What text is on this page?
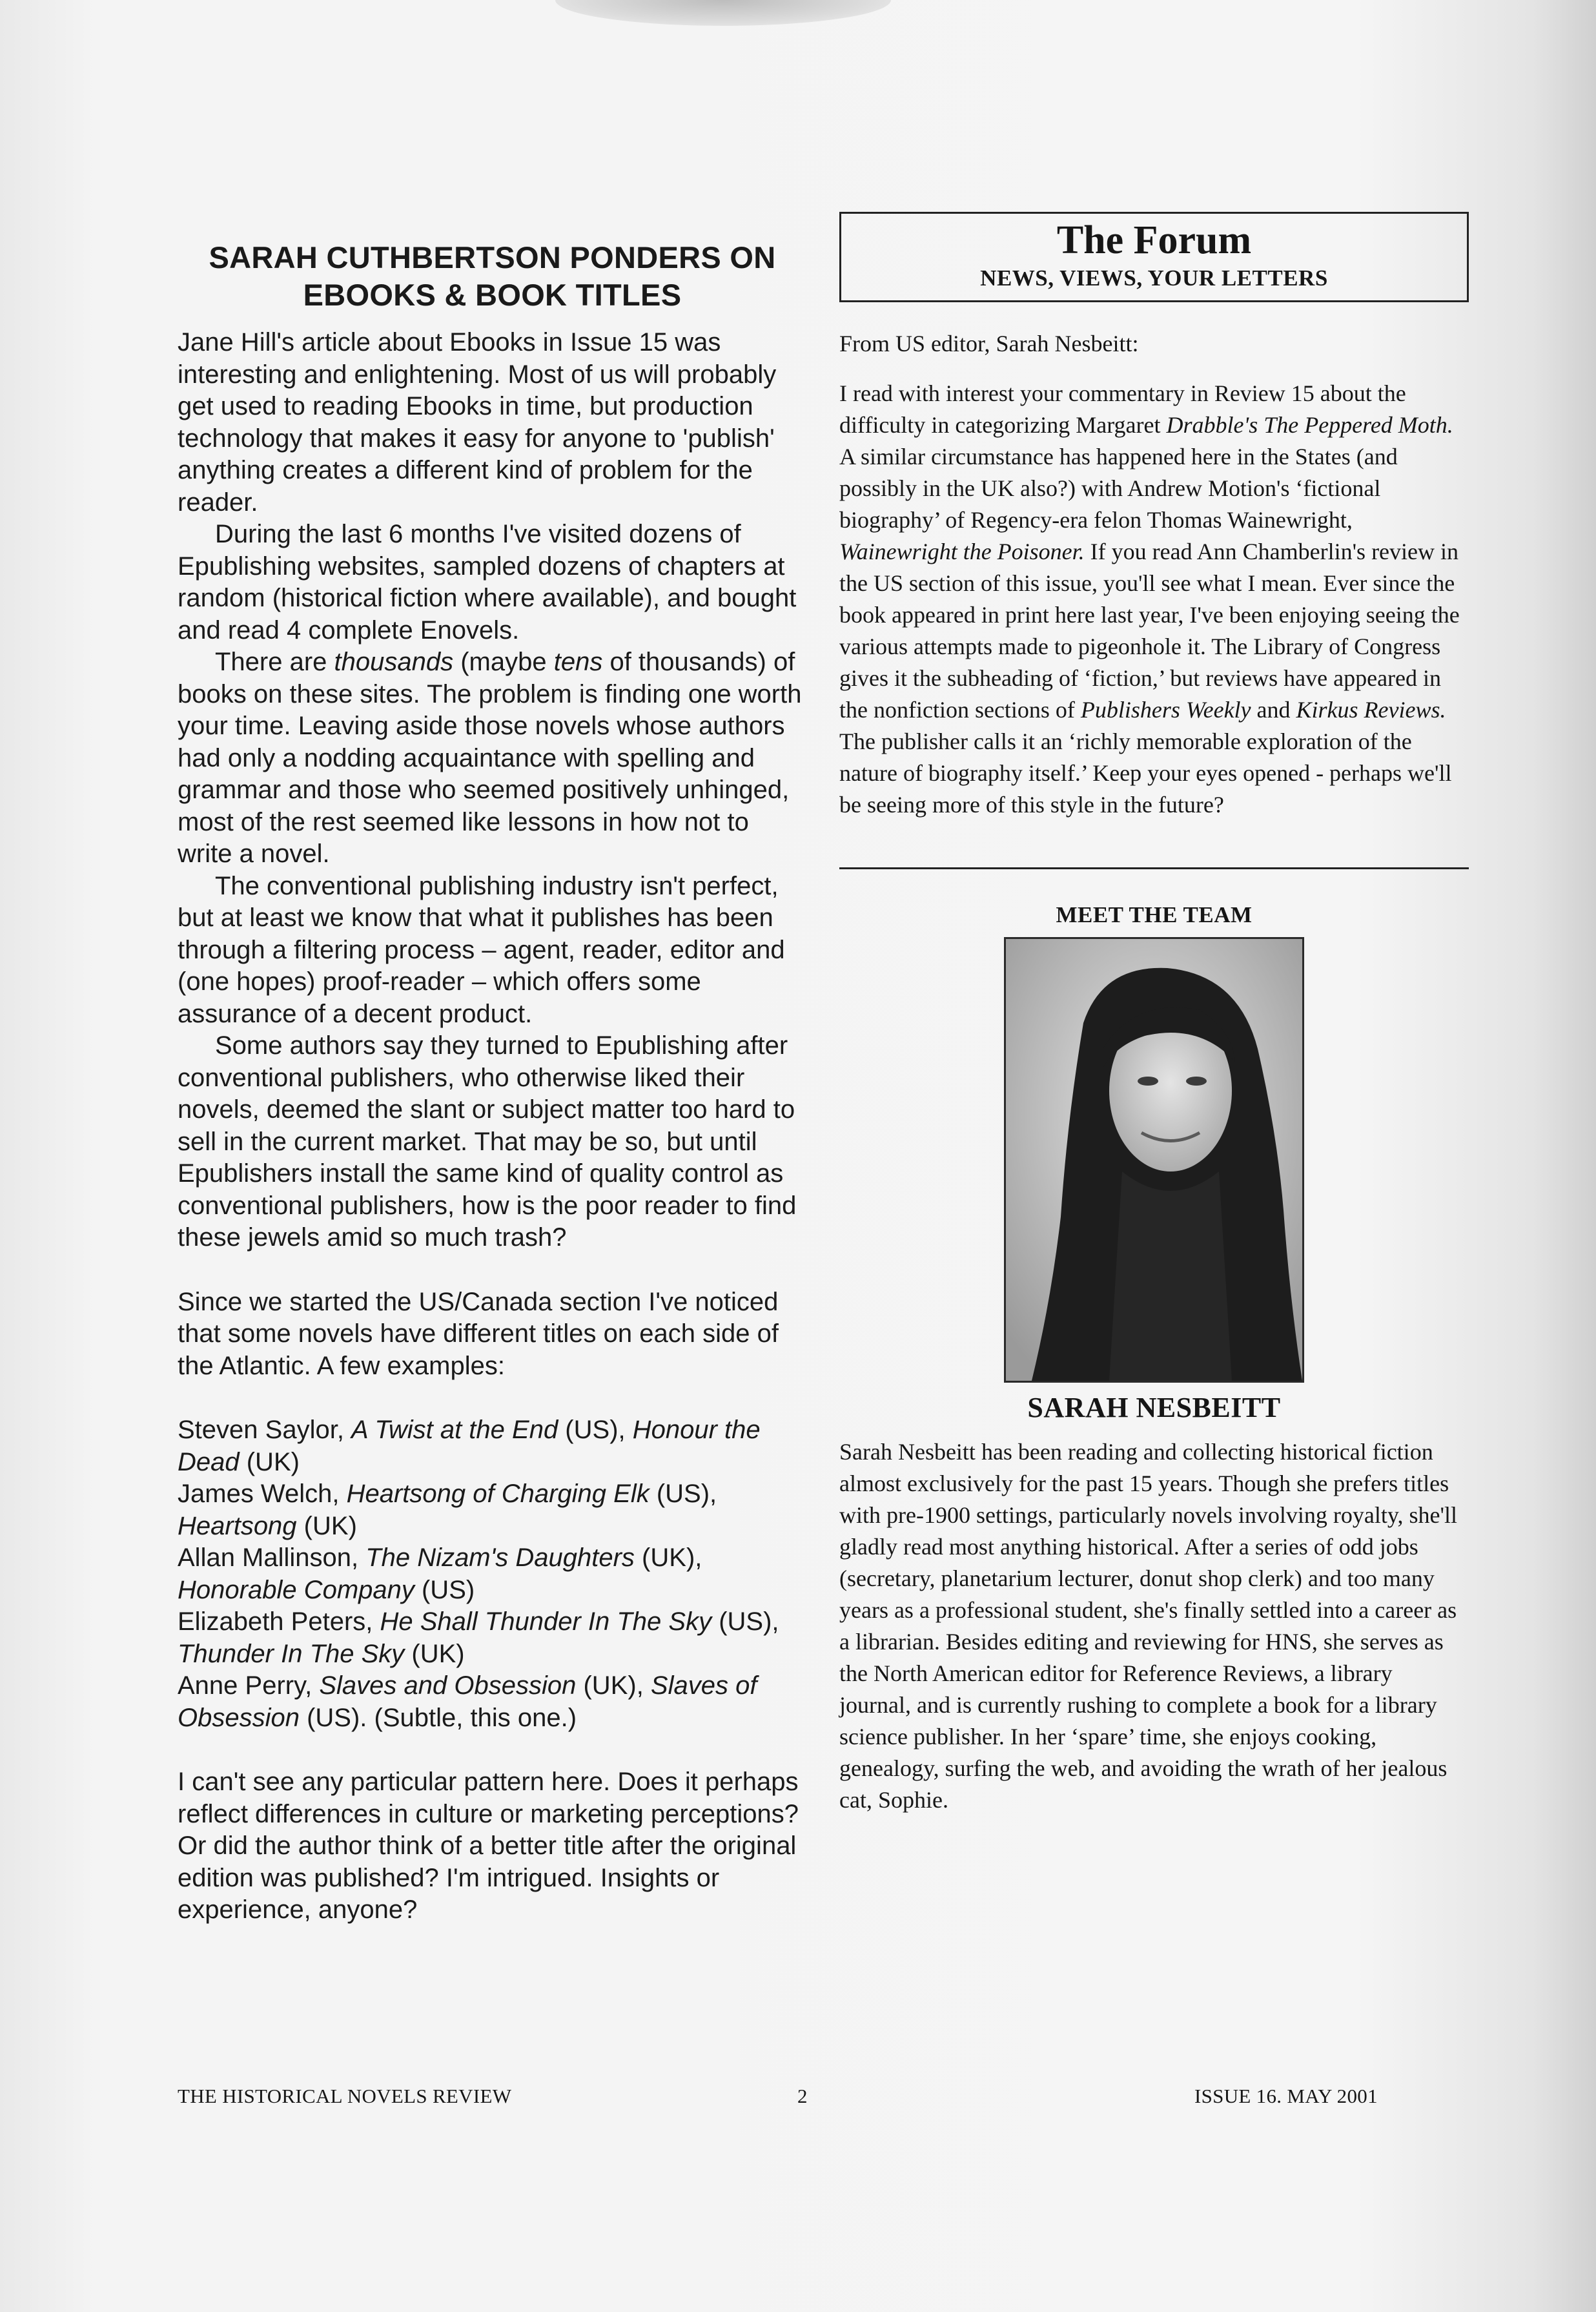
SARAH CUTHBERTSON PONDERS ON
EBOOKS & BOOK TITLES

Jane Hill's article about Ebooks in Issue 15 was interesting and enlightening. Most of us will probably get used to reading Ebooks in time, but production technology that makes it easy for anyone to 'publish' anything creates a different kind of problem for the reader.

During the last 6 months I've visited dozens of Epublishing websites, sampled dozens of chapters at random (historical fiction where available), and bought and read 4 complete Enovels.

There are thousands (maybe tens of thousands) of books on these sites. The problem is finding one worth your time. Leaving aside those novels whose authors had only a nodding acquaintance with spelling and grammar and those who seemed positively unhinged, most of the rest seemed like lessons in how not to write a novel.

The conventional publishing industry isn't perfect, but at least we know that what it publishes has been through a filtering process – agent, reader, editor and (one hopes) proof-reader – which offers some assurance of a decent product.

Some authors say they turned to Epublishing after conventional publishers, who otherwise liked their novels, deemed the slant or subject matter too hard to sell in the current market. That may be so, but until Epublishers install the same kind of quality control as conventional publishers, how is the poor reader to find these jewels amid so much trash?

Since we started the US/Canada section I've noticed that some novels have different titles on each side of the Atlantic. A few examples:

Steven Saylor, A Twist at the End (US), Honour the Dead (UK)

James Welch, Heartsong of Charging Elk (US), Heartsong (UK)

Allan Mallinson, The Nizam's Daughters (UK), Honorable Company (US)

Elizabeth Peters, He Shall Thunder In The Sky (US), Thunder In The Sky (UK)

Anne Perry, Slaves and Obsession (UK), Slaves of Obsession (US). (Subtle, this one.)

I can't see any particular pattern here. Does it perhaps reflect differences in culture or marketing perceptions? Or did the author think of a better title after the original edition was published? I'm intrigued. Insights or experience, anyone?

The Forum
NEWS, VIEWS, YOUR LETTERS

From US editor, Sarah Nesbeitt:

I read with interest your commentary in Review 15 about the difficulty in categorizing Margaret Drabble's The Peppered Moth. A similar circumstance has happened here in the States (and possibly in the UK also?) with Andrew Motion's ‘fictional biography’ of Regency-era felon Thomas Wainewright, Wainewright the Poisoner. If you read Ann Chamberlin's review in the US section of this issue, you'll see what I mean. Ever since the book appeared in print here last year, I've been enjoying seeing the various attempts made to pigeonhole it. The Library of Congress gives it the subheading of ‘fiction,’ but reviews have appeared in the nonfiction sections of Publishers Weekly and Kirkus Reviews. The publisher calls it an ‘richly memorable exploration of the nature of biography itself.’ Keep your eyes opened - perhaps we'll be seeing more of this style in the future?

MEET THE TEAM
SARAH NESBEITT

Sarah Nesbeitt has been reading and collecting historical fiction almost exclusively for the past 15 years. Though she prefers titles with pre-1900 settings, particularly novels involving royalty, she'll gladly read most anything historical. After a series of odd jobs (secretary, planetarium lecturer, donut shop clerk) and too many years as a professional student, she's finally settled into a career as a librarian. Besides editing and reviewing for HNS, she serves as the North American editor for Reference Reviews, a library journal, and is currently rushing to complete a book for a library science publisher. In her ‘spare’ time, she enjoys cooking, genealogy, surfing the web, and avoiding the wrath of her jealous cat, Sophie.

THE HISTORICAL NOVELS REVIEW	2	ISSUE 16. MAY 2001
